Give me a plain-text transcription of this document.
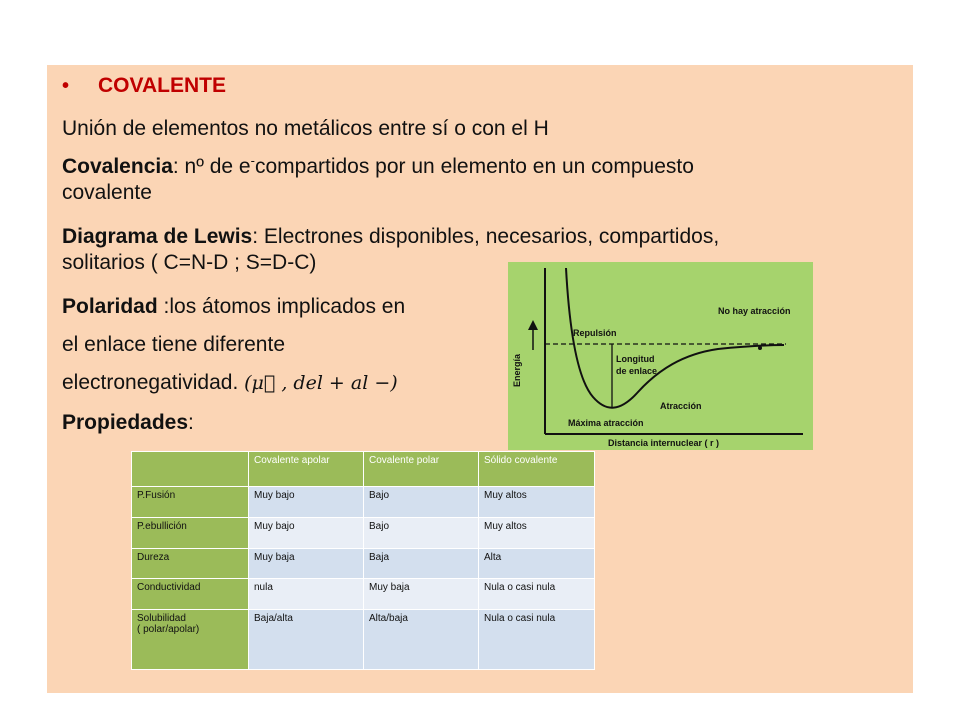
•	COVALENTE
Unión de elementos no metálicos entre sí o con el H
Covalencia: nº de e-compartidos por un elemento en un compuesto
covalente
Diagrama de Lewis: Electrones disponibles, necesarios, compartidos,
solitarios ( C=N-D ; S=D-C)
Polaridad :los átomos implicados en
el enlace tiene diferente
electronegatividad. (μ⃗ , del + al −)
Propiedades:
Energía
No hay atracción
Repulsión
Longitud
de enlace
Atracción
Máxima atracción
Distancia internuclear ( r )
	Covalente apolar	Covalente polar	Sólido covalente
P.Fusión	Muy bajo	Bajo	Muy altos
P.ebullición	Muy bajo	Bajo	Muy altos
Dureza	Muy baja	Baja	Alta
Conductividad	nula	Muy baja	Nula o casi nula

Solubilidad
( polar/apolar)	Baja/alta	Alta/baja	Nula o casi nula
